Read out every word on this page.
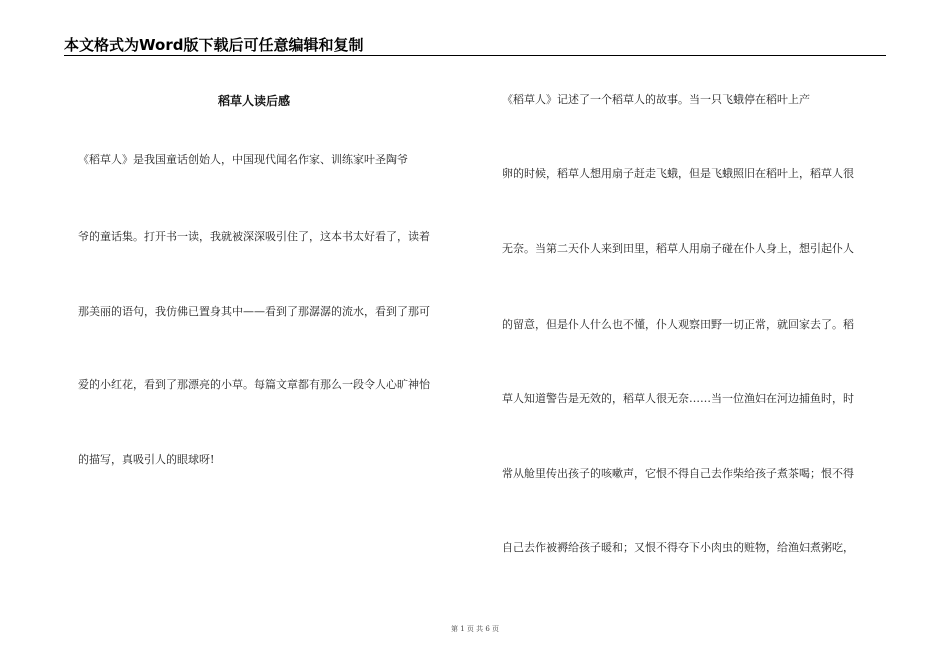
本文格式为Word版下载后可任意编辑和复制
稻草人读后感
《稻草人》是我国童话创始人，中国现代闻名作家、训练家叶圣陶爷
爷的童话集。打开书一读，我就被深深吸引住了，这本书太好看了，读着
那美丽的语句，我仿佛已置身其中——看到了那潺潺的流水，看到了那可
爱的小红花，看到了那漂亮的小草。每篇文章都有那么一段令人心旷神怡
的描写，真吸引人的眼球呀!
《稻草人》记述了一个稻草人的故事。当一只飞蛾停在稻叶上产
卵的时候，稻草人想用扇子赶走飞蛾，但是飞蛾照旧在稻叶上，稻草人很
无奈。当第二天仆人来到田里，稻草人用扇子碰在仆人身上，想引起仆人
的留意，但是仆人什么也不懂，仆人观察田野一切正常，就回家去了。稻
草人知道警告是无效的，稻草人很无奈……当一位渔妇在河边捕鱼时，时
常从舱里传出孩子的咳嗽声，它恨不得自己去作柴给孩子煮茶喝；恨不得
自己去作被褥给孩子暖和；又恨不得夺下小肉虫的赃物，给渔妇煮粥吃，
第 1 页 共 6 页
